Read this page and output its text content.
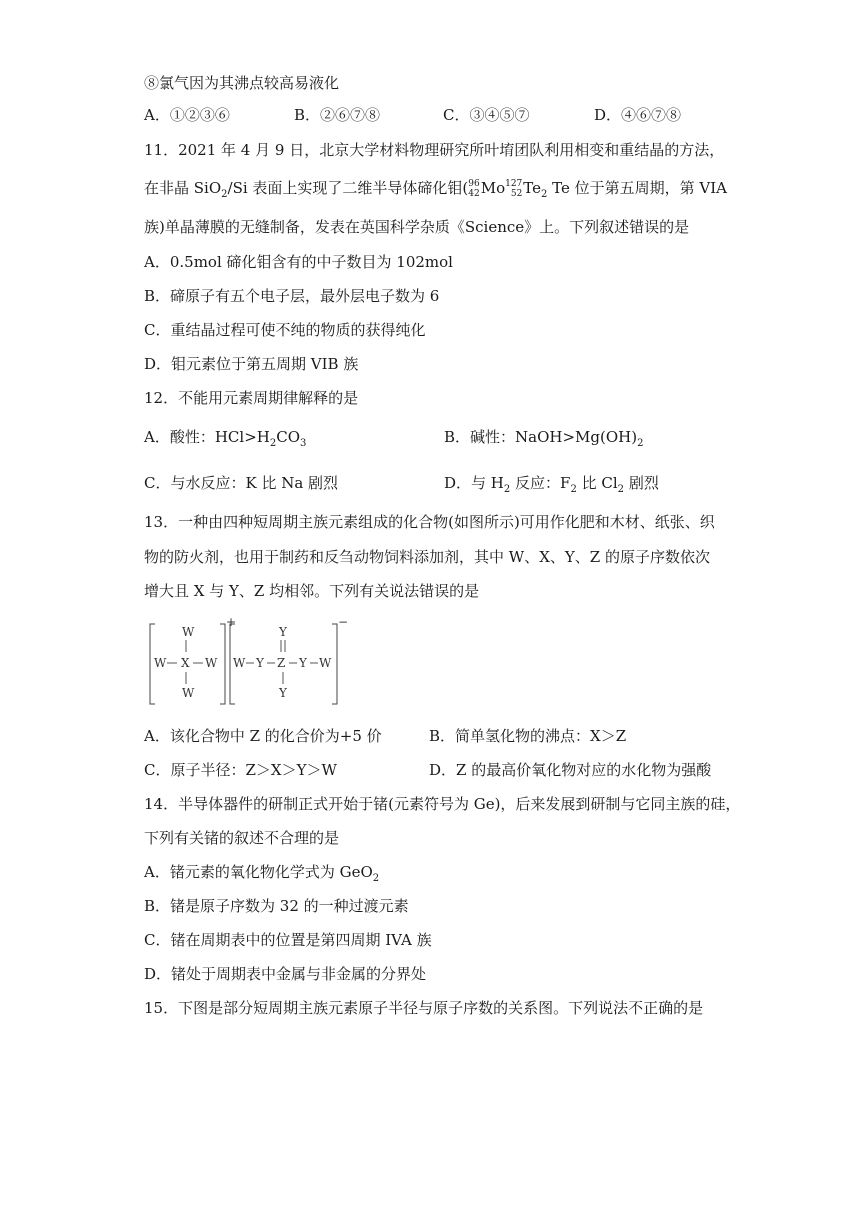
⑧氯气因为其沸点较高易液化
A．①②③⑥	B．②⑥⑦⑧	C．③④⑤⑦	D．④⑥⑦⑧
11．2021 年 4 月 9 日，北京大学材料物理研究所叶堉团队利用相变和重结晶的方法，
在非晶 SiO$_2$/Si 表面上实现了二维半导体碲化钼( 96
42 Mo 127
52 $Te_2$ Te 位于第五周期，第 VIA
族)单晶薄膜的无缝制备，发表在英国科学杂质《Science》上。下列叙述错误的是
A．0.5mol 碲化钼含有的中子数目为 102mol
B．碲原子有五个电子层，最外层电子数为 6
C．重结晶过程可使不纯的物质的获得纯化
D．钼元素位于第五周期 VIB 族
12．不能用元素周期律解释的是
A．酸性：$HCl>H_2CO_3$	B．碱性：$NaOH>Mg(OH)_2$
C．与水反应：K 比 Na 剧烈	D．与 $H_2$ 反应：$F_2$ 比 $Cl_2$ 剧烈
13．一种由四种短周期主族元素组成的化合物(如图所示)可用作化肥和木材、纸张、织
物的防火剂，也用于制药和反刍动物饲料添加剂，其中 W、X、Y、Z 的原子序数依次
增大且 X 与 Y、Z 均相邻。下列有关说法错误的是
+
W
W X W
W
−
Y
W Y Z Y W
Y
A．该化合物中 Z 的化合价为+5 价	B．简单氢化物的沸点：X＞Z
C．原子半径：Z＞X＞Y＞W	D．Z 的最高价氧化物对应的水化物为强酸
14．半导体器件的研制正式开始于锗(元素符号为 Ge)，后来发展到研制与它同主族的硅，
下列有关锗的叙述不合理的是
A．锗元素的氧化物化学式为 GeO$_2$
B．锗是原子序数为 32 的一种过渡元素
C．锗在周期表中的位置是第四周期 IVA 族
D．锗处于周期表中金属与非金属的分界处
15．下图是部分短周期主族元素原子半径与原子序数的关系图。下列说法不正确的是
